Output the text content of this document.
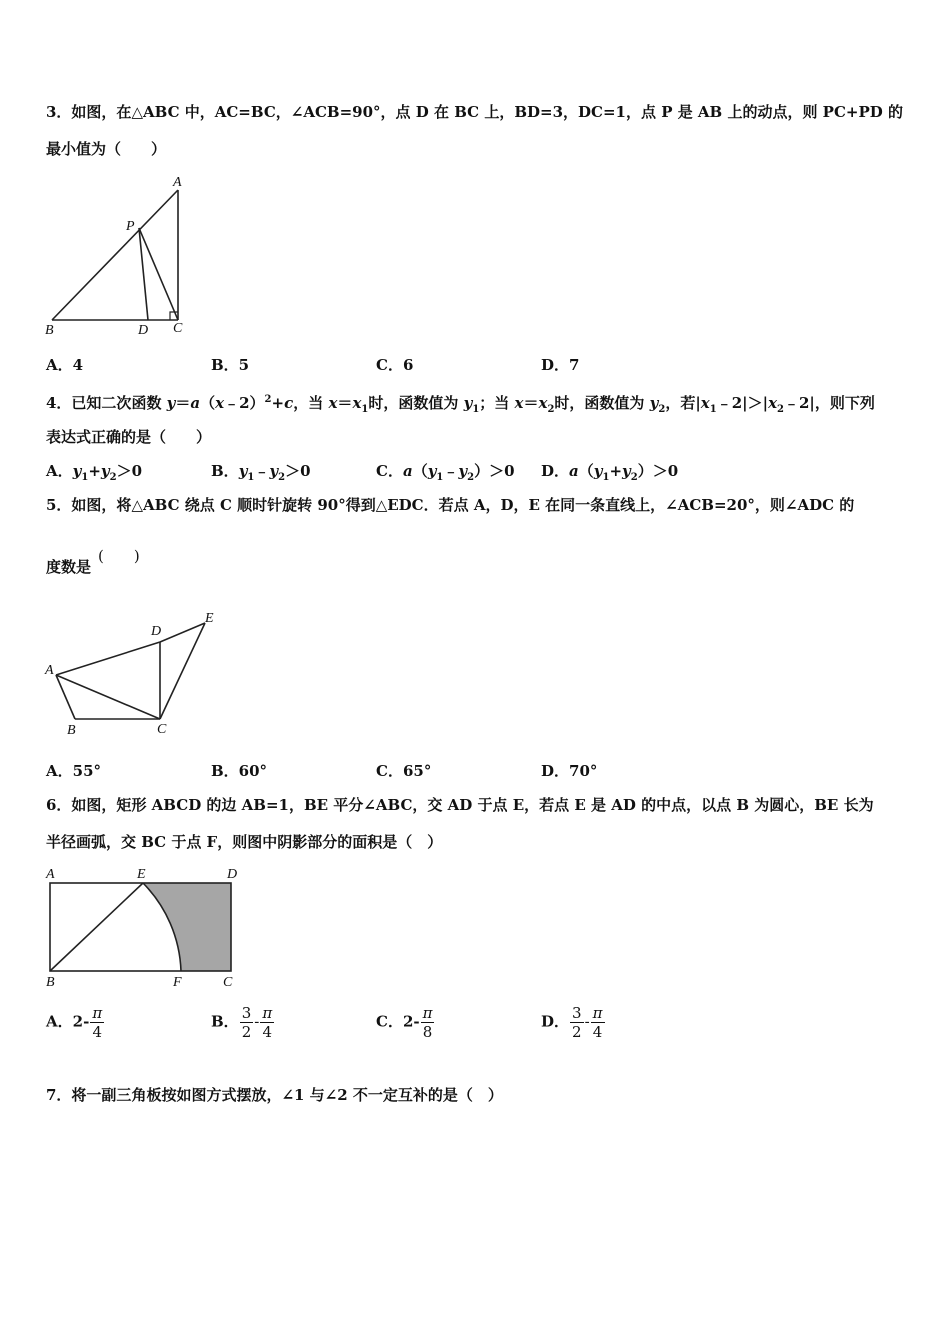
3．如图，在△ABC 中，AC=BC，∠ACB=90°，点 D 在 BC 上，BD=3，DC=1，点 P 是 AB 上的动点，则 PC+PD 的
最小值为（　　）
A
P
B	D C
A．4	B．5	C．6	D．7
4．已知二次函数 y＝a（x﹣2）$^2$+c，当 $x=x_1$时，函数值为 $y_1$；当 $x=x_2$时，函数值为 $y_2$，若$|x_1﹣2|>|x_2﹣2|$，则下列
表达式正确的是（　　）
A．$y_1+y_2>0$	B．$y_1﹣y_2>0$	C．$a(y_1﹣y_2)>0$ D．$a(y_1+y_2)>0$
5．如图，将△ABC 绕点 C 顺时针旋转 90°得到△EDC．若点 A，D，E 在同一条直线上，∠ACB=20°，则∠ADC 的
度数是
(　　)
A
B	C
D
E
A．55°	B．60°	C．65°	D．70°
6．如图，矩形 ABCD 的边 AB=1，BE 平分∠ABC，交 AD 于点 E，若点 E 是 AD 的中点，以点 B 为圆心，BE 长为
半径画弧，交 BC 于点 F，则图中阴影部分的面积是（　）
A	E	D
B	F	C
A．$2- \frac{\pi}{4}$	B． $\frac{3}{2} - \frac{\pi}{4}$	C．$2- \frac{\pi}{8}$	D． $\frac{3}{2} - \frac{\pi}{4}$
7．将一副三角板按如图方式摆放，∠1 与∠2 不一定互补的是（　）
